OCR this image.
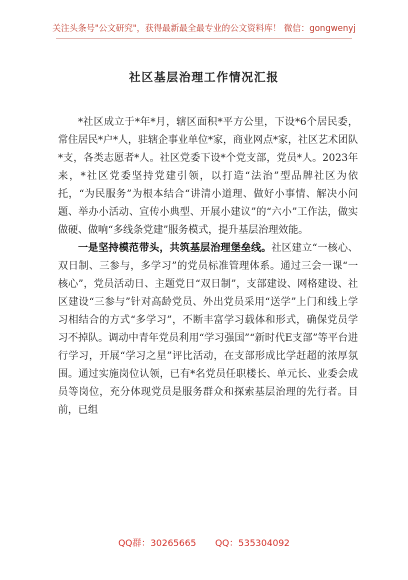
关注头条号"公文研究"，获得最新最全最专业的公文资料库！ 微信：gongwenyj
社区基层治理工作情况汇报

*社区成立于*年*月，辖区面积*平方公里，下设*6个居民委，常住居民*户*人，驻辖企事业单位*家，商业网点*家，社区艺术团队*支，各类志愿者*人。社区党委下设*个党支部，党员*人。2023年来，*社区党委坚持党建引领，以打造“法治”型品牌社区为依托，“为民服务”为根本结合“讲清小道理、做好小事情、解决小问题、举办小活动、宣传小典型、开展小建议”的“六小”工作法，做实做硬、做响“多线条党建”服务模式，提升基层治理效能。

一是坚持模范带头，共筑基层治理堡垒线。社区建立“一核心、双日制、三参与，多学习”的党员标准管理体系。通过三会一课“一核心”，党员活动日、主题党日“双日制”，支部建设、网格建设、社区建设“三参与”针对高龄党员、外出党员采用“送学”上门和线上学习相结合的方式“多学习”，不断丰富学习载体和形式，确保党员学习不掉队。调动中青年党员利用“学习强国”“新时代E支部”等平台进行学习，开展“学习之星”评比活动，在支部形成比学赶超的浓厚氛围。通过实施岗位认领，已有*名党员任职楼长、单元长、业委会成员等岗位，充分体现党员是服务群众和探索基层治理的先行者。目前，已组

QQ群：30265665 QQ：535304092
